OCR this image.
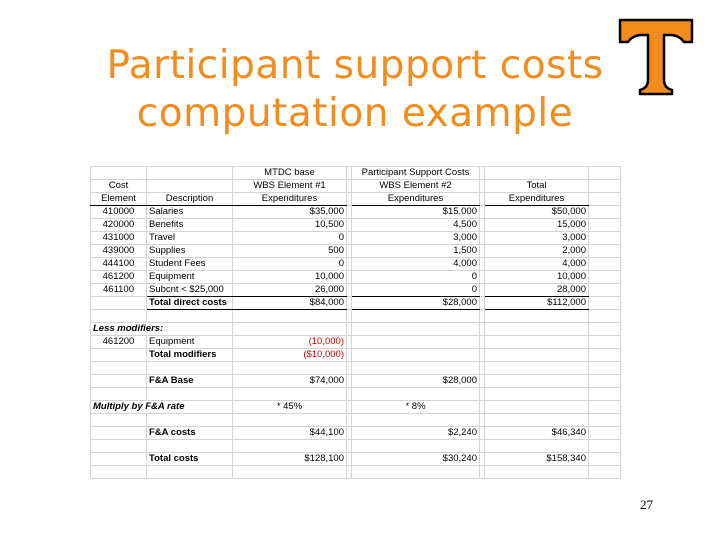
Participant support costs
computation example
		MTDC base		Participant Support Costs			
Cost		WBS Element #1		WBS Element #2		Total	
Element	Description	Expenditures		Expenditures		Expenditures	
410000	Salaries	$35,000		$15,000		$50,000	
420000	Benefits	10,500		4,500		15,000	
431000	Travel	0		3,000		3,000	
439000	Supplies	500		1,500		2,000	
444100	Student Fees	0		4,000		4,000	
461200	Equipment	10,000		0		10,000	
461100	Subcnt < $25,000	26,000		0		28,000	
	Total direct costs	$84,000		$28,000		$112,000	

Less modifiers:							
461200	Equipment	(10,000)					
	Total modifiers	($10,000)					

	F&A Base	$74,000		$28,000			

Multiply by F&A rate		* 45%		* 8%			

	F&A costs	$44,100		$2,240		$46,340	

	Total costs	$128,100		$30,240		$158,340	

27
